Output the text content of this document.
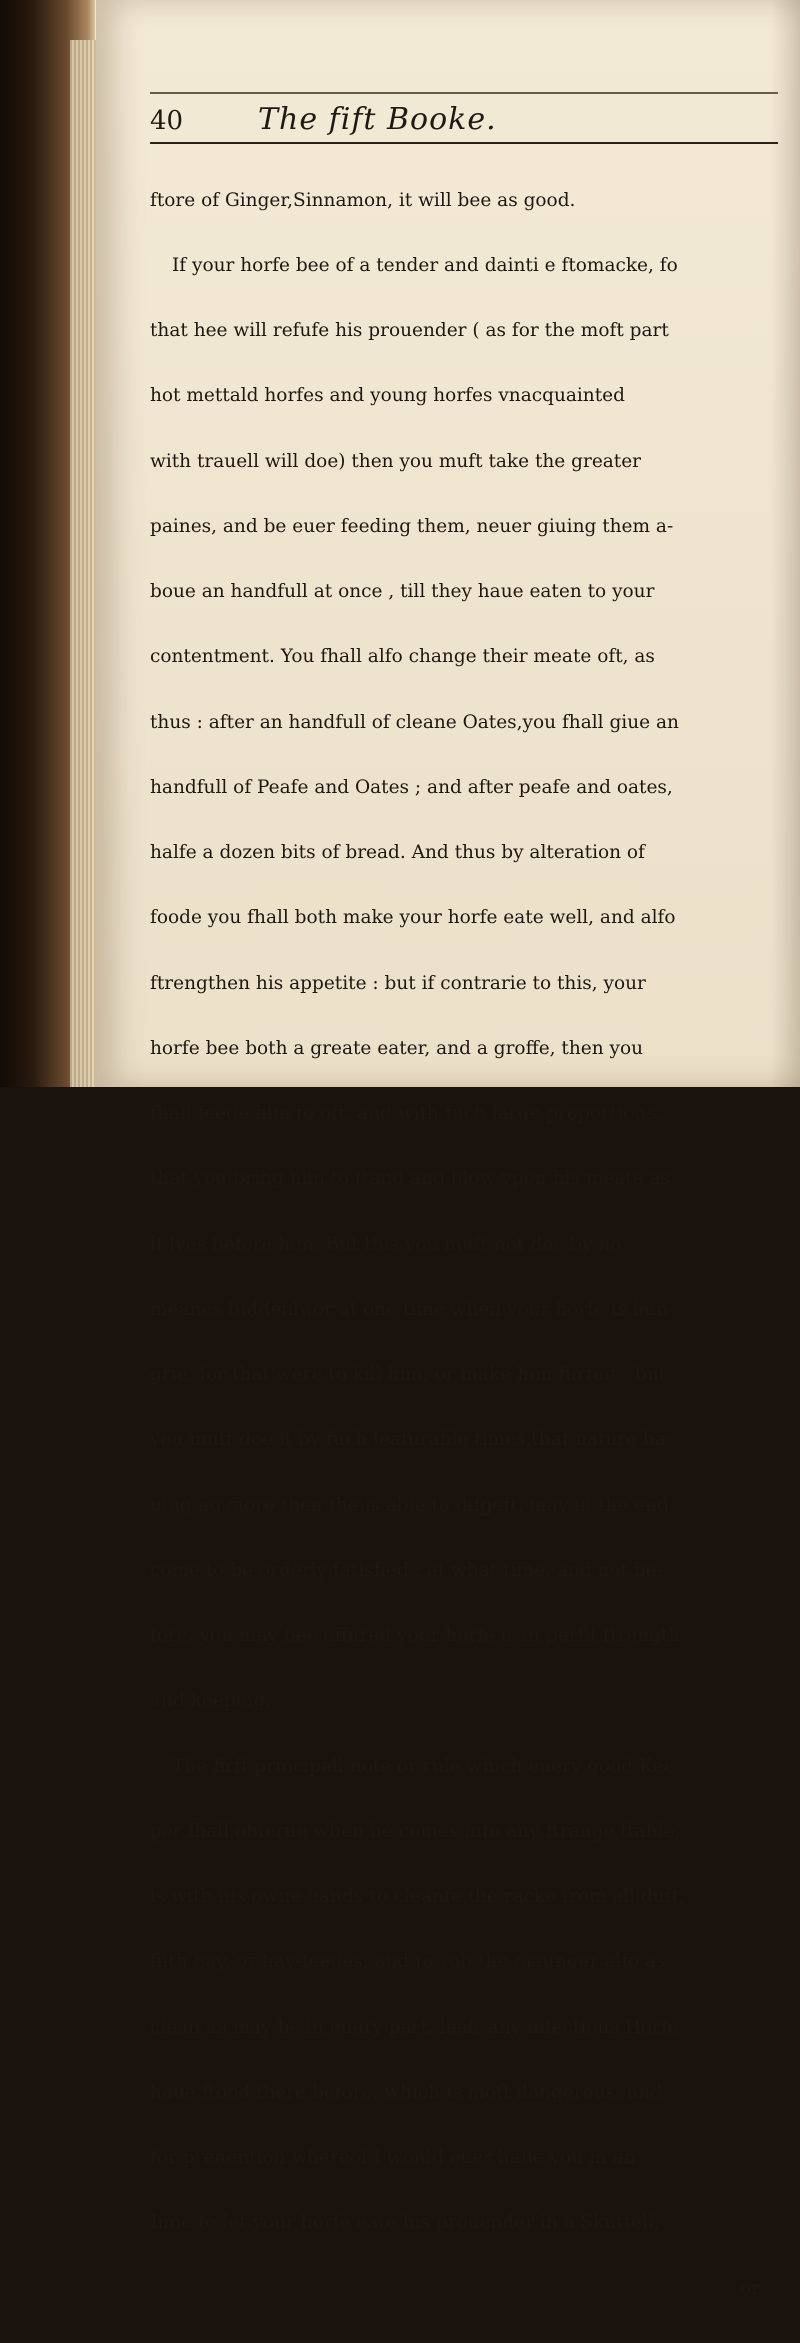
40 The fift Booke.

ftore of Ginger,Sinnamon, it will bee as good.

If your horfe bee of a tender and dainti e ftomacke, fo

that hee will refufe his prouender ( as for the moft part

hot mettald horfes and young horfes vnacquainted

with trauell will doe) then you muft take the greater

paines, and be euer feeding them, neuer giuing them a-

boue an handfull at once , till they haue eaten to your

contentment. You fhall alfo change their meate oft, as

thus : after an handfull of cleane Oates,you fhall giue an

handfull of Peafe and Oates ; and after peafe and oates,

halfe a dozen bits of bread. And thus by alteration of

foode you fhall both make your horfe eate well, and alfo

ftrengthen his appetite : but if contrarie to this, your

horfe bee both a greate eater, and a groffe, then you

fhall feede him fo oft, and with fuch large proportions,

that you bring him to ftand and blow vpon his meate as

it lyes before him. But this you muft not doe by no

meanes fuddenly,or at one time when your horfe is hun-

grie, for that were to kill him, or make him furfeit : but

you muft doe it by fuch leafurable times,that nature ha-

uing no more then fhe is able to difgeft, may in the end

come to be orderly fatisfied : at what time, and not be-

fore, you may bee affured your horfe is in perfit ftrength

and keeping.

The firft principall note or rule which euery good Kee-

per fhall obferue when he comes into any ftrange ftable,

is with his owne hands to cleanfe the racke from all duft,

filth,hay, or hay-feedes, and to rub the maunger alfo as

clean as may be in euery part, leaft any infectious Horfe

haue ftood there before, which is moft dangerous: and

for preuention whereof I would euer haue you in an

Inne to let your horfe eate his prouender in a Skuttell,

or
